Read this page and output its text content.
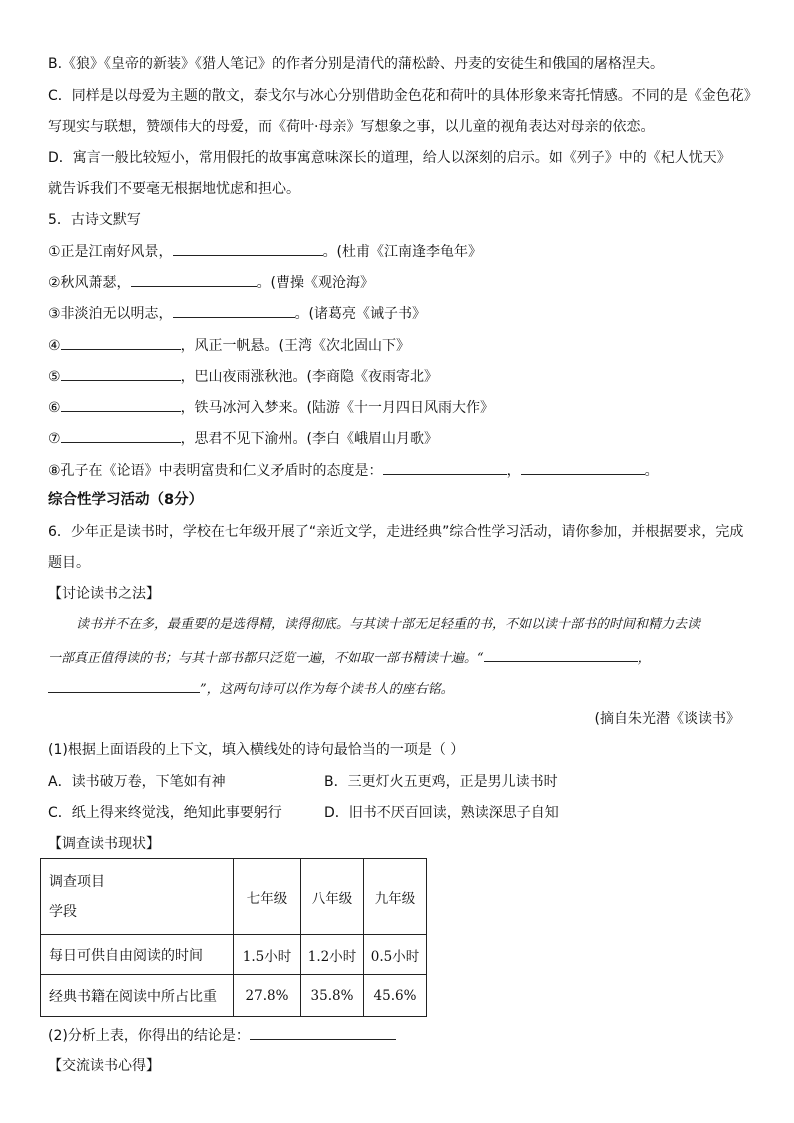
B.《狼》《皇帝的新装》《猎人笔记》的作者分别是清代的蒲松龄、丹麦的安徒生和俄国的屠格涅夫。
C．同样是以母爱为主题的散文，泰戈尔与冰心分别借助金色花和荷叶的具体形象来寄托情感。不同的是《金色花》
写现实与联想，赞颂伟大的母爱，而《荷叶·母亲》写想象之事，以儿童的视角表达对母亲的依恋。
D．寓言一般比较短小，常用假托的故事寓意味深长的道理，给人以深刻的启示。如《列子》中的《杞人忧天》
就告诉我们不要毫无根据地忧虑和担心。
5．古诗文默写
①正是江南好风景，	。(杜甫《江南逢李龟年》
②秋风萧瑟，	。(曹操《观沧海》
③非淡泊无以明志，	。(诸葛亮《诫子书》
④	，风正一帆悬。(王湾《次北固山下》
⑤	，巴山夜雨涨秋池。(李商隐《夜雨寄北》
⑥	，铁马冰河入梦来。(陆游《十一月四日风雨大作》
⑦	，思君不见下渝州。(李白《峨眉山月歌》
⑧孔子在《论语》中表明富贵和仁义矛盾时的态度是：	，	。
综合性学习活动（8分）
6．少年正是读书时，学校在七年级开展了“亲近文学，走进经典”综合性学习活动，请你参加，并根据要求，完成
题目。
【讨论读书之法】
读书并不在多，最重要的是选得精，读得彻底。与其读十部无足轻重的书，不如以读十部书的时间和精力去读
一部真正值得读的书；与其十部书都只泛览一遍，不如取一部书精读十遍。“	，
”，这两句诗可以作为每个读书人的座右铭。
(摘自朱光潜《谈读书》
(1)根据上面语段的上下文，填入横线处的诗句最恰当的一项是（ ）
A．读书破万卷，下笔如有神	B．三更灯火五更鸡，正是男儿读书时
C．纸上得来终觉浅，绝知此事要躬行	D．旧书不厌百回读，熟读深思子自知
【调查读书现状】
调查项目
学段	七年级	八年级	九年级
每日可供自由阅读的时间	1.5小时	1.2小时	0.5小时
经典书籍在阅读中所占比重	27.8%	35.8%	45.6%
(2)分析上表，你得出的结论是：
【交流读书心得】
